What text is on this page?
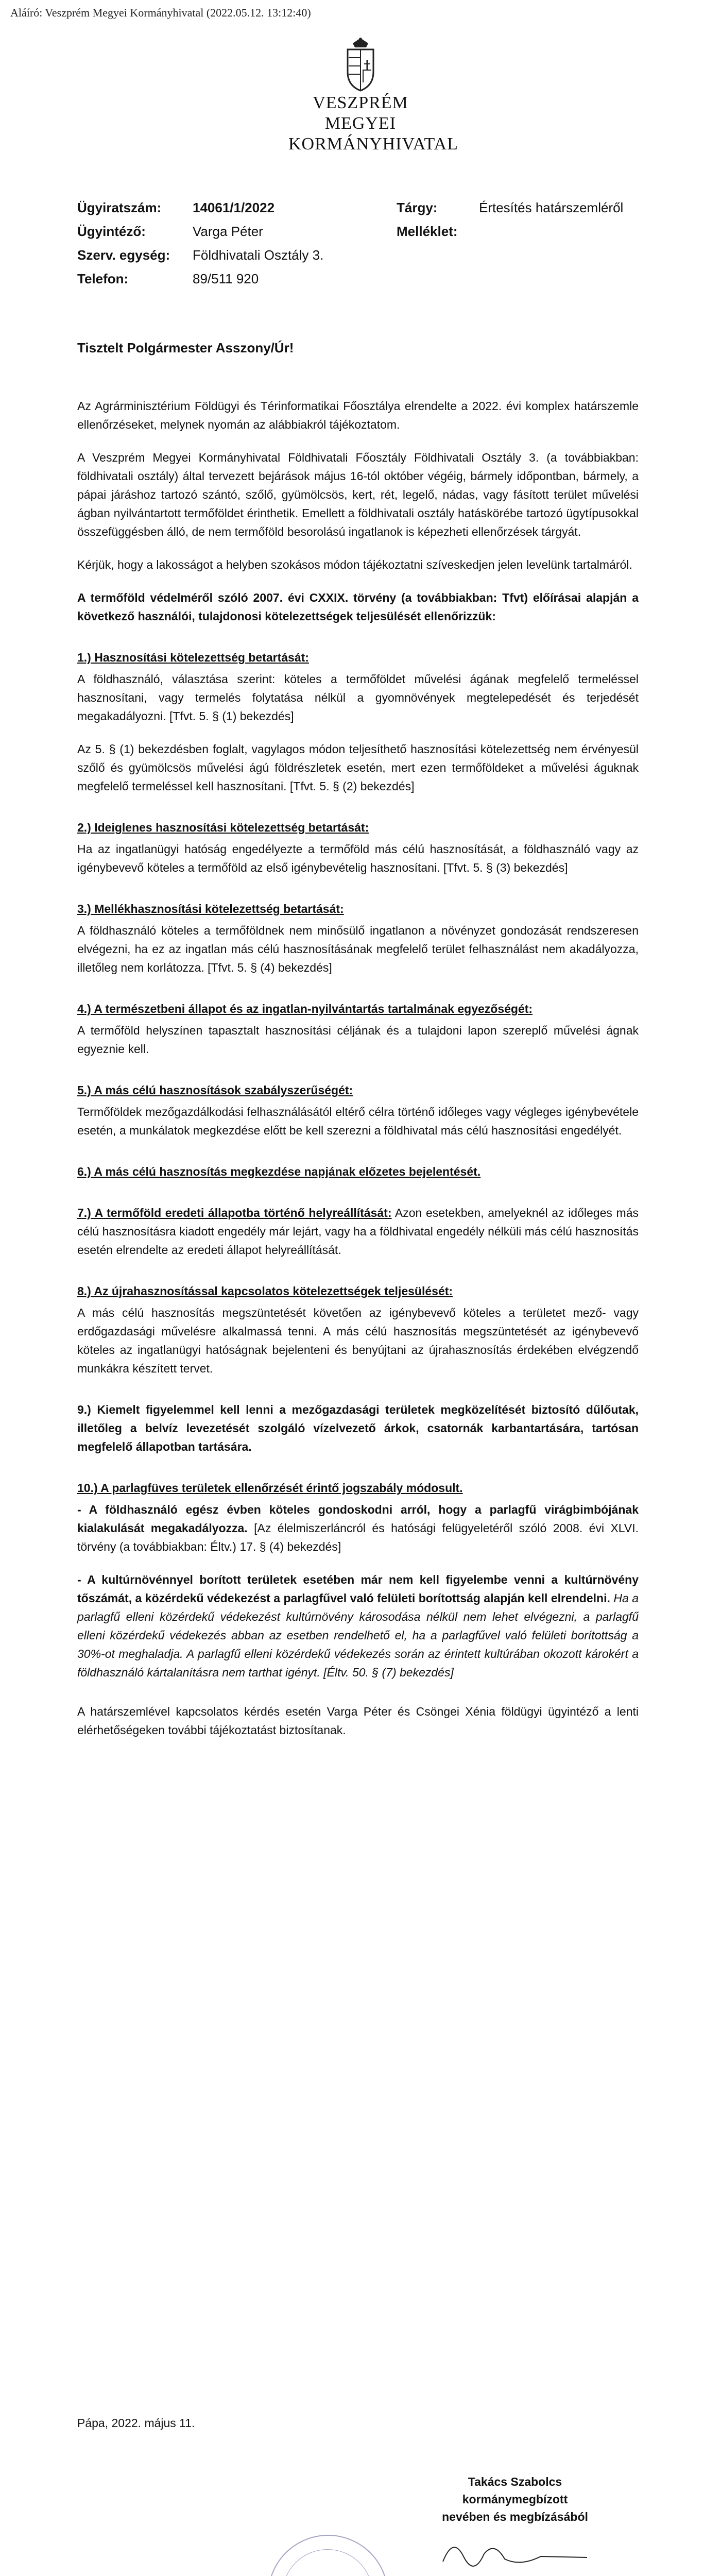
Aláíró: Veszprém Megyei Kormányhivatal (2022.05.12. 13:12:40)
VESZPRÉM MEGYEI
KORMÁNYHIVATAL
Ügyiratszám: 14061/1/2022	Tárgy:	Értesítés határszemléről
Ügyintéző:	Varga Péter	Melléklet:
Szerv. egység: Földhivatali Osztály 3.
Telefon:	89/511 920
Tisztelt Polgármester Asszony/Úr!

Az Agrárminisztérium Földügyi és Térinformatikai Főosztálya elrendelte a 2022. évi komplex határszemle ellenőrzéseket, melynek nyomán az alábbiakról tájékoztatom.

A Veszprém Megyei Kormányhivatal Földhivatali Főosztály Földhivatali Osztály 3. (a továbbiakban: földhivatali osztály) által tervezett bejárások május 16-tól október végéig, bármely időpontban, bármely, a pápai járáshoz tartozó szántó, szőlő, gyümölcsös, kert, rét, legelő, nádas, vagy fásított terület művelési ágban nyilvántartott termőföldet érinthetik. Emellett a földhivatali osztály hatáskörébe tartozó ügytípusokkal összefüggésben álló, de nem termőföld besorolású ingatlanok is képezheti ellenőrzések tárgyát.

Kérjük, hogy a lakosságot a helyben szokásos módon tájékoztatni szíveskedjen jelen levelünk tartalmáról.

A termőföld védelméről szóló 2007. évi CXXIX. törvény (a továbbiakban: Tfvt) előírásai alapján a következő használói, tulajdonosi kötelezettségek teljesülését ellenőrizzük:

1.) Hasznosítási kötelezettség betartását:

A földhasználó, választása szerint: köteles a termőföldet művelési ágának megfelelő termeléssel hasznosítani, vagy termelés folytatása nélkül a gyomnövények megtelepedését és terjedését megakadályozni. [Tfvt. 5. § (1) bekezdés]

Az 5. § (1) bekezdésben foglalt, vagylagos módon teljesíthető hasznosítási kötelezettség nem érvényesül szőlő és gyümölcsös művelési ágú földrészletek esetén, mert ezen termőföldeket a művelési águknak megfelelő termeléssel kell hasznosítani. [Tfvt. 5. § (2) bekezdés]

2.) Ideiglenes hasznosítási kötelezettség betartását:

Ha az ingatlanügyi hatóság engedélyezte a termőföld más célú hasznosítását, a földhasználó vagy az igénybevevő köteles a termőföld az első igénybevételig hasznosítani. [Tfvt. 5. § (3) bekezdés]

3.) Mellékhasznosítási kötelezettség betartását:

A földhasználó köteles a termőföldnek nem minősülő ingatlanon a növényzet gondozását rendszeresen elvégezni, ha ez az ingatlan más célú hasznosításának megfelelő terület felhasználást nem akadályozza, illetőleg nem korlátozza. [Tfvt. 5. § (4) bekezdés]

4.) A természetbeni állapot és az ingatlan-nyilvántartás tartalmának egyezőségét:

A termőföld helyszínen tapasztalt hasznosítási céljának és a tulajdoni lapon szereplő művelési ágnak egyeznie kell.

5.) A más célú hasznosítások szabályszerűségét:

Termőföldek mezőgazdálkodási felhasználásától eltérő célra történő időleges vagy végleges igénybevétele esetén, a munkálatok megkezdése előtt be kell szerezni a földhivatal más célú hasznosítási engedélyét.

6.) A más célú hasznosítás megkezdése napjának előzetes bejelentését.

7.) A termőföld eredeti állapotba történő helyreállítását: Azon esetekben, amelyeknél az időleges más célú hasznosításra kiadott engedély már lejárt, vagy ha a földhivatal engedély nélküli más célú hasznosítás esetén elrendelte az eredeti állapot helyreállítását.

8.) Az újrahasznosítással kapcsolatos kötelezettségek teljesülését:

A más célú hasznosítás megszüntetését követően az igénybevevő köteles a területet mező- vagy erdőgazdasági művelésre alkalmassá tenni. A más célú hasznosítás megszüntetését az igénybevevő köteles az ingatlanügyi hatóságnak bejelenteni és benyújtani az újrahasznosítás érdekében elvégzendő munkákra készített tervet.

9.) Kiemelt figyelemmel kell lenni a mezőgazdasági területek megközelítését biztosító dűlőutak, illetőleg a belvíz levezetését szolgáló vízelvezető árkok, csatornák karbantartására, tartósan megfelelő állapotban tartására.

10.) A parlagfüves területek ellenőrzését érintő jogszabály módosult.

- A földhasználó egész évben köteles gondoskodni arról, hogy a parlagfű virágbimbójának kialakulását megakadályozza. [Az élelmiszerláncról és hatósági felügyeletéről szóló 2008. évi XLVI. törvény (a továbbiakban: Éltv.) 17. § (4) bekezdés]

- A kultúrnövénnyel borított területek esetében már nem kell figyelembe venni a kultúrnövény tőszámát, a közérdekű védekezést a parlagfűvel való felületi borítottság alapján kell elrendelni. Ha a parlagfű elleni közérdekű védekezést kultúrnövény károsodása nélkül nem lehet elvégezni, a parlagfű elleni közérdekű védekezés abban az esetben rendelhető el, ha a parlagfűvel való felületi borítottság a 30%-ot meghaladja. A parlagfű elleni közérdekű védekezés során az érintett kultúrában okozott károkért a földhasználó kártalanításra nem tarthat igényt. [Éltv. 50. § (7) bekezdés]

A határszemlével kapcsolatos kérdés esetén Varga Péter és Csöngei Xénia földügyi ügyintéző a lenti elérhetőségeken további tájékoztatást biztosítanak.

Pápa, 2022. május 11.
Takács Szabolcs
kormánymegbízott
nevében és megbízásából
